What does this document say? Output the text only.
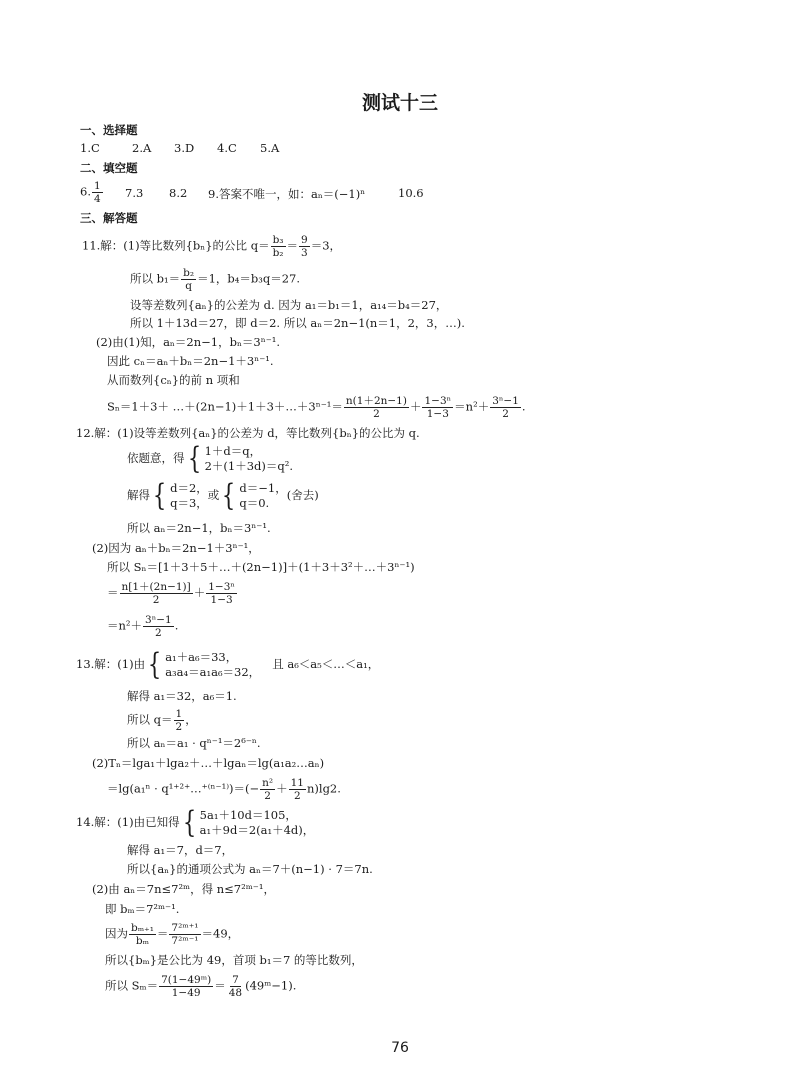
测试十三
一、选择题
1.C	2.A 3.D 4.C 5.A
二、填空题
6. $\frac{1}{4} 7.3$ 8.2 9.答案不唯一，如：aₙ＝(−1)ⁿ	10.6
三、解答题
11.解：(1)等比数列{bₙ}的公比 $q= \frac{\text{b₃}}{\text{b₂}} = \frac{9}{3} =3$，
所以 $b_1= \frac{\text{b₂}}{q} =1$，b₄＝b₃q＝27.
设等差数列{aₙ}的公差为 d. 因为 a₁＝b₁＝1，a₁₄＝b₄＝27，
所以 1＋13d＝27，即 d＝2. 所以 aₙ＝2n−1(n＝1，2，3，…).
(2)由(1)知，aₙ＝2n−1，bₙ＝3ⁿ⁻¹.
因此 cₙ＝aₙ＋bₙ＝2n−1＋3ⁿ⁻¹.
从而数列{cₙ}的前 n 项和
Sₙ＝1＋3＋ …＋(2n−1)＋1＋3＋…＋3ⁿ⁻¹＝ $\frac{n(1+2n-1)}{2} + \frac{\text{1−3ⁿ}}{1-3} =n^2+ \frac{\text{3ⁿ−1}}{2}$ .
12.解：(1)设等差数列{aₙ}的公差为 d，等比数列{bₙ}的公比为 q.
依题意，得 { 1＋d＝q，
2＋(1＋3d)＝q².
解得 { d＝2，
q＝3，
或 { d＝−1，
q＝0.
(舍去)
所以 aₙ＝2n−1，bₙ＝3ⁿ⁻¹.
(2)因为 aₙ＋bₙ＝2n−1＋3ⁿ⁻¹，
所以 Sₙ＝[1＋3＋5＋…＋(2n−1)]＋(1＋3＋3²＋…＋3ⁿ⁻¹)
＝ $\frac{n[1+(2n-1)]}{2} + \frac{\text{1−3ⁿ}}{1-3}$
$=n^2+ \frac{\text{3ⁿ−1}}{2}$ .
13.解：(1)由 { a₁＋a₆＝33，
a₃a₄＝a₁a₆＝32，
且 a₆＜a₅＜…＜a₁，
解得 a₁＝32，a₆＝1.
所以 $q= \frac{1}{2}$ ，
所以 aₙ＝a₁ · qⁿ⁻¹＝2⁶⁻ⁿ.
(2)Tₙ＝lga₁＋lga₂＋…＋lgaₙ＝lg(a₁a₂…aₙ)
＝lg(a₁ⁿ · q¹⁺²⁺…⁺⁽ⁿ⁻¹⁾)＝(− $\frac{\text{n²}}{2} + \frac{11}{2} n)\lg 2$.
14.解：(1)由已知得 { 5a₁＋10d＝105，
a₁＋9d＝2(a₁＋4d)，
解得 a₁＝7，d＝7，
所以{aₙ}的通项公式为 aₙ＝7＋(n−1) · 7＝7n.
(2)由 aₙ＝7n≤7²ᵐ，得 n≤7²ᵐ⁻¹，
即 bₘ＝7²ᵐ⁻¹.
因为 $\frac{\text{bₘ₊₁}}{\text{bₘ}} = \frac{\text{7²ᵐ⁺¹}}{\text{7²ᵐ⁻¹}} =49$，
所以{bₘ}是公比为 49，首项 b₁＝7 的等比数列，
所以 $S_m= \frac{\text{7(1−49ᵐ)}}{1-49} = \frac{7}{48}$ (49ᵐ−1).
76
